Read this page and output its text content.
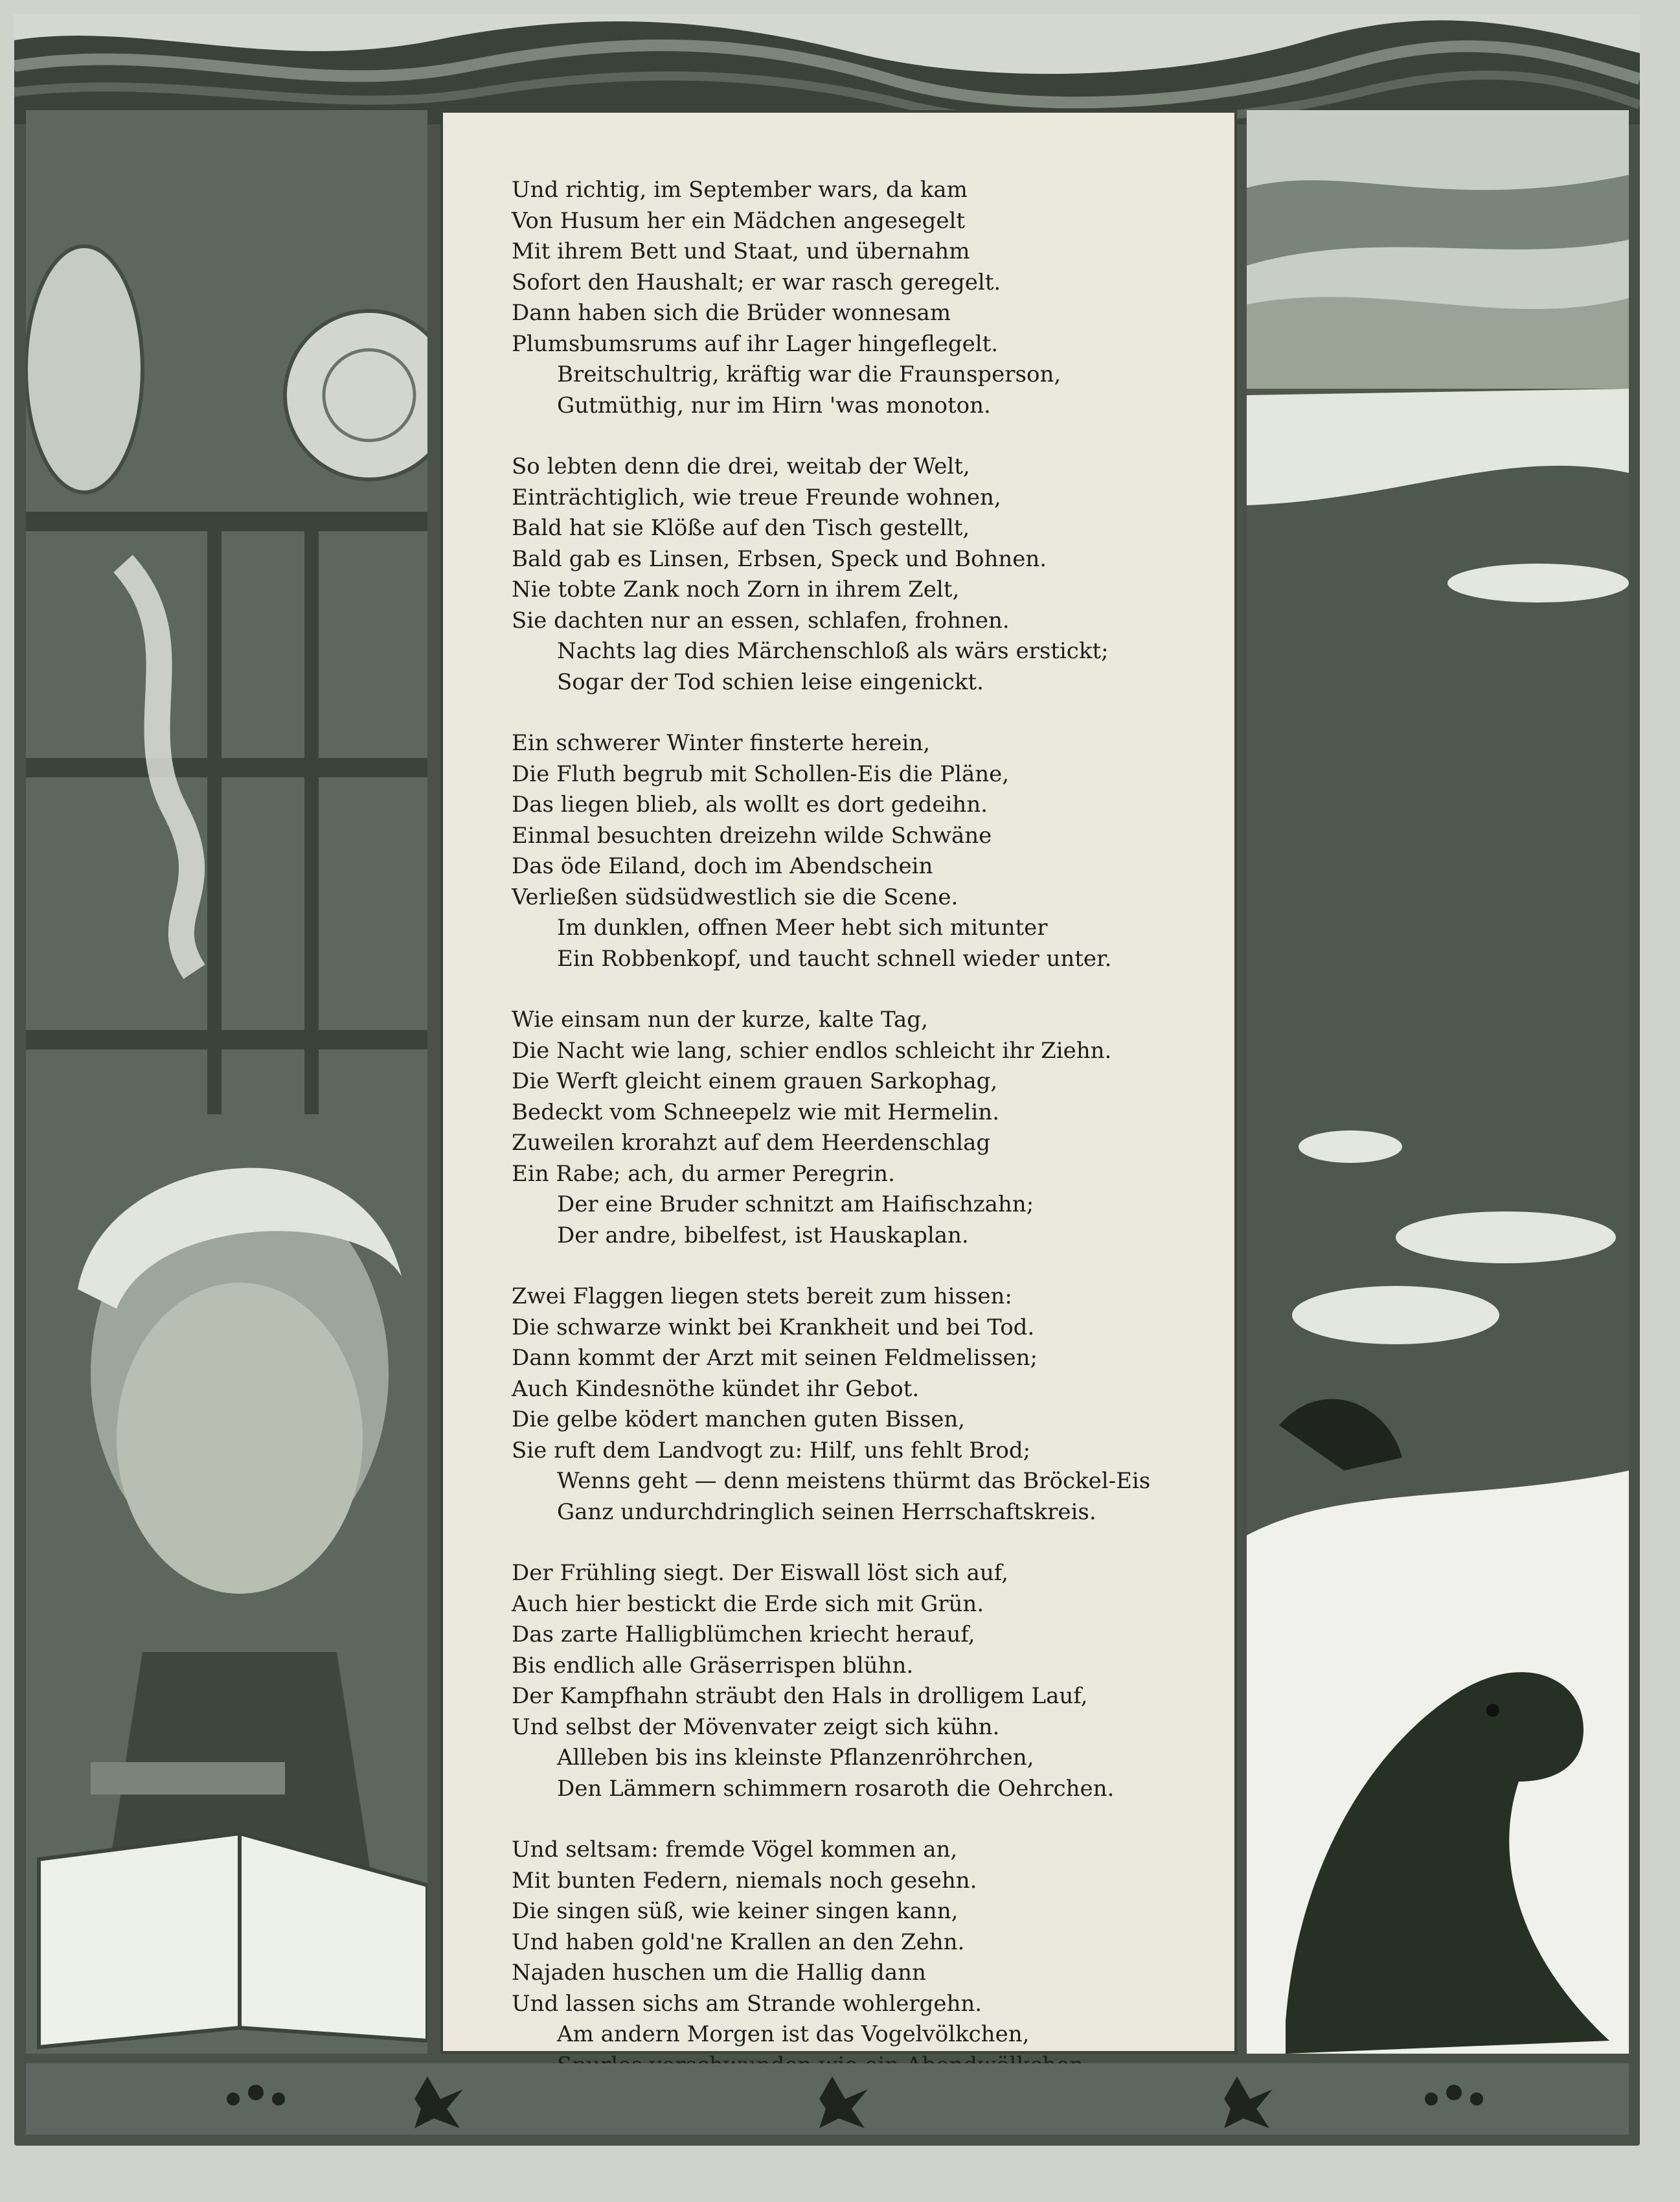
Und richtig, im September wars, da kam
Von Husum her ein Mädchen angesegelt
Mit ihrem Bett und Staat, und übernahm
Sofort den Haushalt; er war rasch geregelt.
Dann haben sich die Brüder wonnesam
Plumsbumsrums auf ihr Lager hingeflegelt.
Breitschultrig, kräftig war die Fraunsperson,
Gutmüthig, nur im Hirn 'was monoton.
So lebten denn die drei, weitab der Welt,
Einträchtiglich, wie treue Freunde wohnen,
Bald hat sie Klöße auf den Tisch gestellt,
Bald gab es Linsen, Erbsen, Speck und Bohnen.
Nie tobte Zank noch Zorn in ihrem Zelt,
Sie dachten nur an essen, schlafen, frohnen.
Nachts lag dies Märchenschloß als wärs erstickt;
Sogar der Tod schien leise eingenickt.
Ein schwerer Winter finsterte herein,
Die Fluth begrub mit Schollen-Eis die Pläne,
Das liegen blieb, als wollt es dort gedeihn.
Einmal besuchten dreizehn wilde Schwäne
Das öde Eiland, doch im Abendschein
Verließen südsüdwestlich sie die Scene.
Im dunklen, offnen Meer hebt sich mitunter
Ein Robbenkopf, und taucht schnell wieder unter.
Wie einsam nun der kurze, kalte Tag,
Die Nacht wie lang, schier endlos schleicht ihr Ziehn.
Die Werft gleicht einem grauen Sarkophag,
Bedeckt vom Schneepelz wie mit Hermelin.
Zuweilen krorahzt auf dem Heerdenschlag
Ein Rabe; ach, du armer Peregrin.
Der eine Bruder schnitzt am Haifischzahn;
Der andre, bibelfest, ist Hauskaplan.
Zwei Flaggen liegen stets bereit zum hissen:
Die schwarze winkt bei Krankheit und bei Tod.
Dann kommt der Arzt mit seinen Feldmelissen;
Auch Kindesnöthe kündet ihr Gebot.
Die gelbe ködert manchen guten Bissen,
Sie ruft dem Landvogt zu: Hilf, uns fehlt Brod;
Wenns geht — denn meistens thürmt das Bröckel-Eis
Ganz undurchdringlich seinen Herrschaftskreis.
Der Frühling siegt. Der Eiswall löst sich auf,
Auch hier bestickt die Erde sich mit Grün.
Das zarte Halligblümchen kriecht herauf,
Bis endlich alle Gräserrispen blühn.
Der Kampfhahn sträubt den Hals in drolligem Lauf,
Und selbst der Mövenvater zeigt sich kühn.
Allleben bis ins kleinste Pflanzenröhrchen,
Den Lämmern schimmern rosaroth die Oehrchen.
Und seltsam: fremde Vögel kommen an,
Mit bunten Federn, niemals noch gesehn.
Die singen süß, wie keiner singen kann,
Und haben gold'ne Krallen an den Zehn.
Najaden huschen um die Hallig dann
Und lassen sichs am Strande wohlergehn.
Am andern Morgen ist das Vogelvölkchen,
